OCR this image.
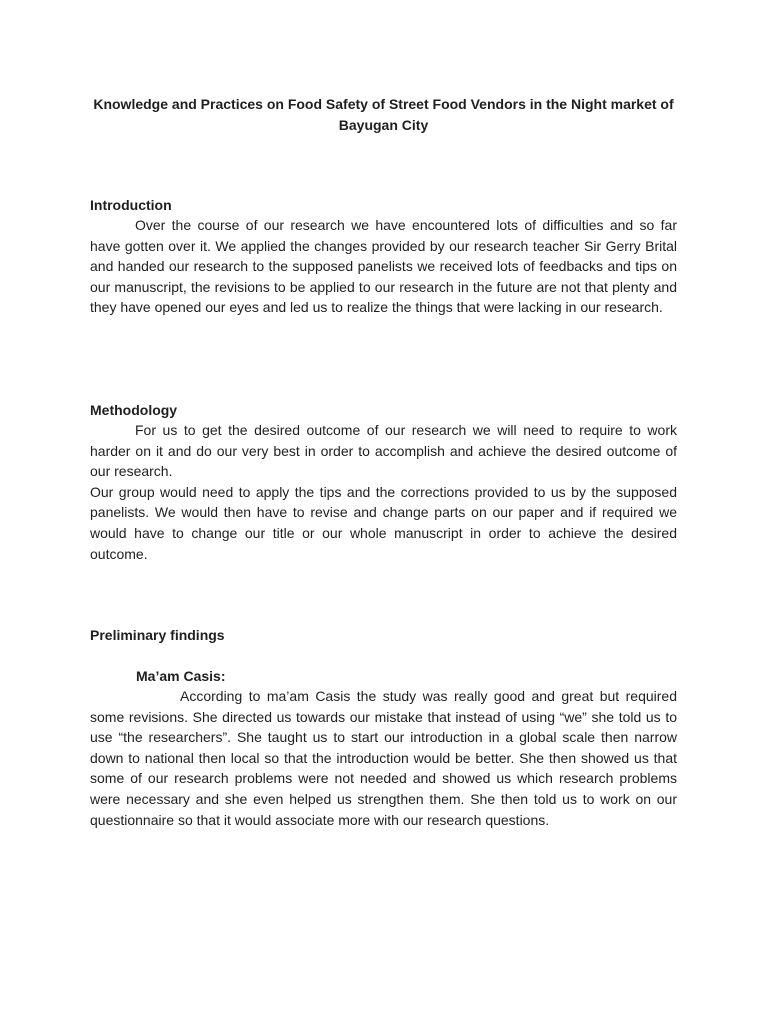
Knowledge and Practices on Food Safety of Street Food Vendors in the Night market of Bayugan City
Introduction

Over the course of our research we have encountered lots of difficulties and so far have gotten over it. We applied the changes provided by our research teacher Sir Gerry Brital and handed our research to the supposed panelists we received lots of feedbacks and tips on our manuscript, the revisions to be applied to our research in the future are not that plenty and they have opened our eyes and led us to realize the things that were lacking in our research.

Methodology

For us to get the desired outcome of our research we will need to require to work harder on it and do our very best in order to accomplish and achieve the desired outcome of our research.

Our group would need to apply the tips and the corrections provided to us by the supposed panelists. We would then have to revise and change parts on our paper and if required we would have to change our title or our whole manuscript in order to achieve the desired outcome.

Preliminary findings
Ma’am Casis:

According to ma’am Casis the study was really good and great but required some revisions. She directed us towards our mistake that instead of using “we” she told us to use “the researchers”. She taught us to start our introduction in a global scale then narrow down to national then local so that the introduction would be better. She then showed us that some of our research problems were not needed and showed us which research problems were necessary and she even helped us strengthen them. She then told us to work on our questionnaire so that it would associate more with our research questions.
